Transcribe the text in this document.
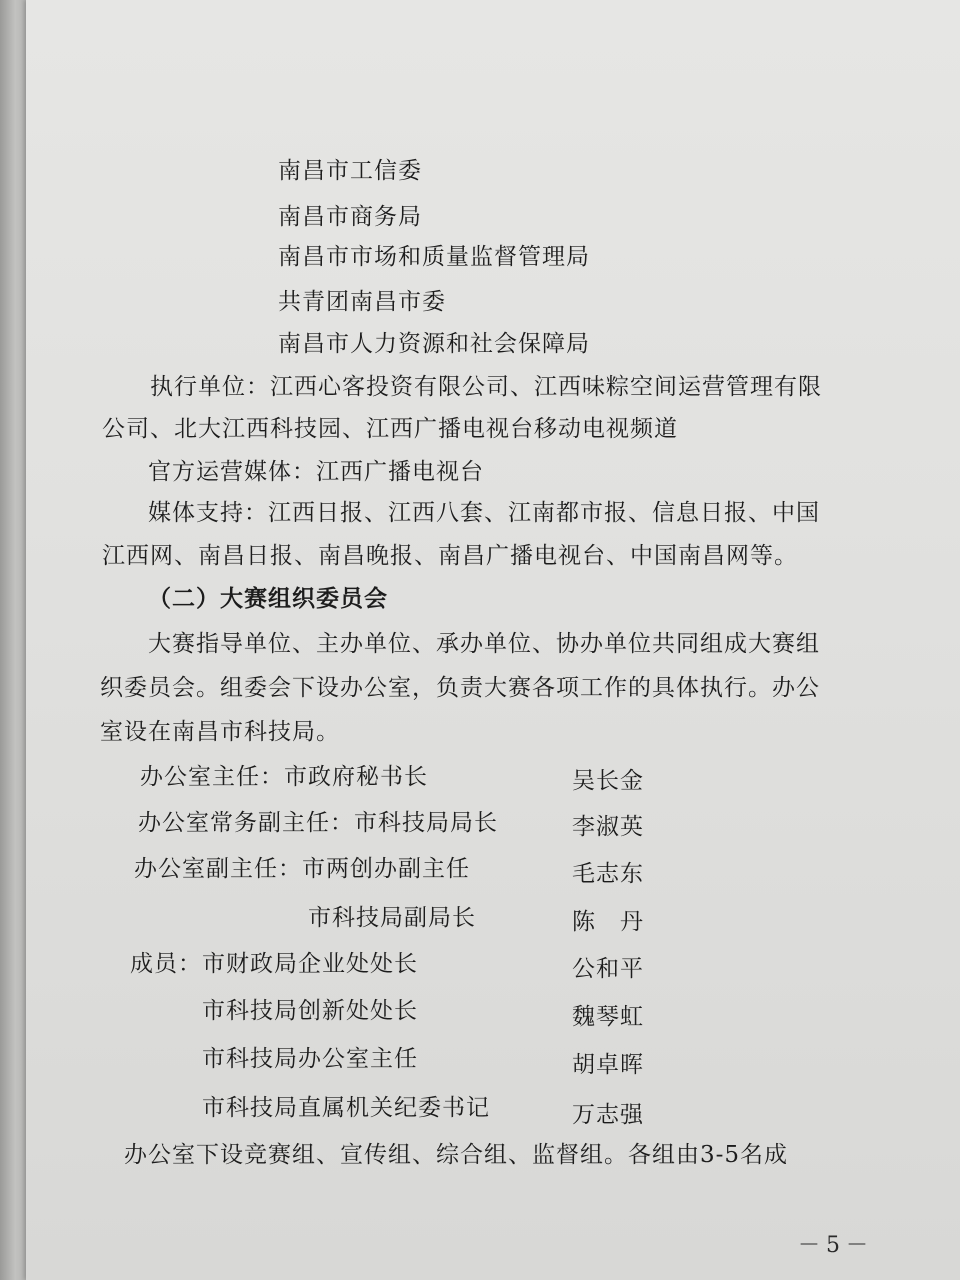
南昌市工信委
南昌市商务局
南昌市市场和质量监督管理局
共青团南昌市委
南昌市人力资源和社会保障局
执行单位：江西心客投资有限公司、江西味粽空间运营管理有限
公司、北大江西科技园、江西广播电视台移动电视频道
官方运营媒体：江西广播电视台
媒体支持：江西日报、江西八套、江南都市报、信息日报、中国
江西网、南昌日报、南昌晚报、南昌广播电视台、中国南昌网等。
（二）大赛组织委员会
大赛指导单位、主办单位、承办单位、协办单位共同组成大赛组
织委员会。组委会下设办公室，负责大赛各项工作的具体执行。办公
室设在南昌市科技局。
办公室主任：市政府秘书长	吴长金
办公室常务副主任：市科技局局长	李淑英
办公室副主任：市两创办副主任	毛志东
市科技局副局长	陈　丹
成员：市财政局企业处处长	公和平
市科技局创新处处长	魏琴虹
市科技局办公室主任	胡卓晖
市科技局直属机关纪委书记	万志强
办公室下设竞赛组、宣传组、综合组、监督组。各组由3-5名成
－5－
